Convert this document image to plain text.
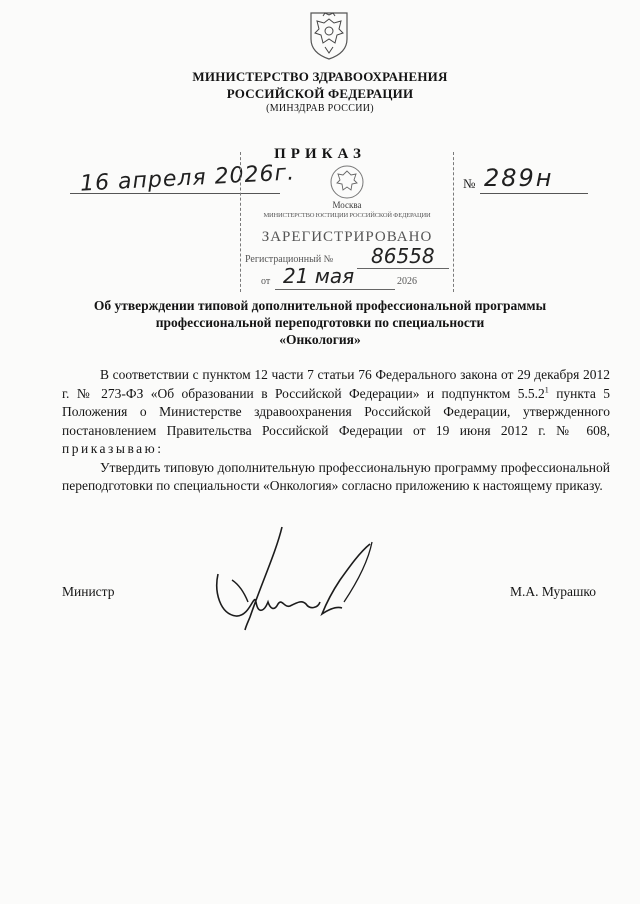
МИНИСТЕРСТВО ЗДРАВООХРАНЕНИЯ
РОССИЙСКОЙ ФЕДЕРАЦИИ
(МИНЗДРАВ РОССИИ)
ПРИКАЗ
16 апреля 2026г.	№ 289н
Москва
МИНИСТЕРСТВО ЮСТИЦИИ РОССИЙСКОЙ ФЕДЕРАЦИИ
ЗАРЕГИСТРИРОВАНО
Регистрационный № 86558
от 21 мая	2026
Об утверждении типовой дополнительной профессиональной программы
профессиональной переподготовки по специальности
«Онкология»

В соответствии с пунктом 12 части 7 статьи 76 Федерального закона от 29 декабря 2012 г. № 273-ФЗ «Об образовании в Российской Федерации» и подпунктом 5.5.2$^1$ пункта 5 Положения о Министерстве здравоохранения Российской Федерации, утвержденного постановлением Правительства Российской Федерации от 19 июня 2012 г. № 608, приказываю:

Утвердить типовую дополнительную профессиональную программу профессиональной переподготовки по специальности «Онкология» согласно приложению к настоящему приказу.

Министр	М.А. Мурашко
